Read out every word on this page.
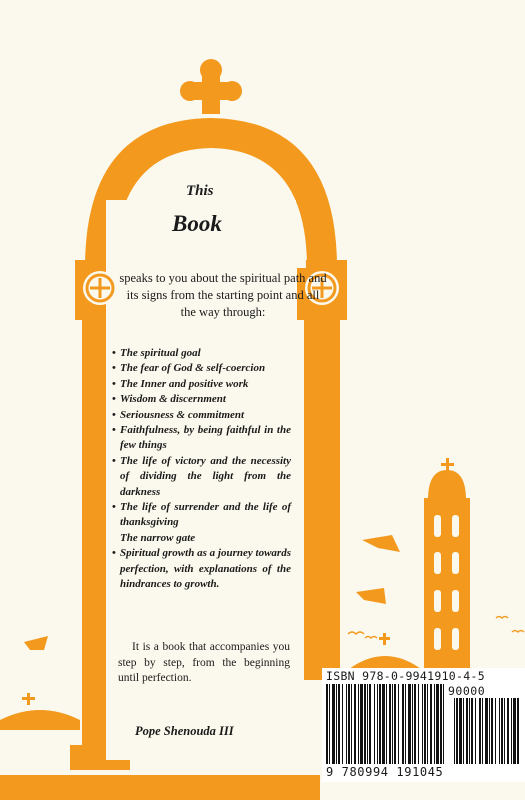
This
Book
speaks to you about the spiritual path and its signs from the starting point and all the way through:
• The spiritual goal
• The fear of God & self-coercion
• The Inner and positive work
• Wisdom & discernment
• Seriousness & commitment
• Faithfulness, by being faithful in the few things
• The life of victory and the necessity of dividing the light from the darkness
• The life of surrender and the life of thanksgiving
The narrow gate
• Spiritual growth as a journey towards perfection, with explanations of the hindrances to growth.
It is a book that accompanies you step by step, from the beginning until perfection.
Pope Shenouda III
ISBN 978-0-9941910-4-5
90000
9 780994 191045
